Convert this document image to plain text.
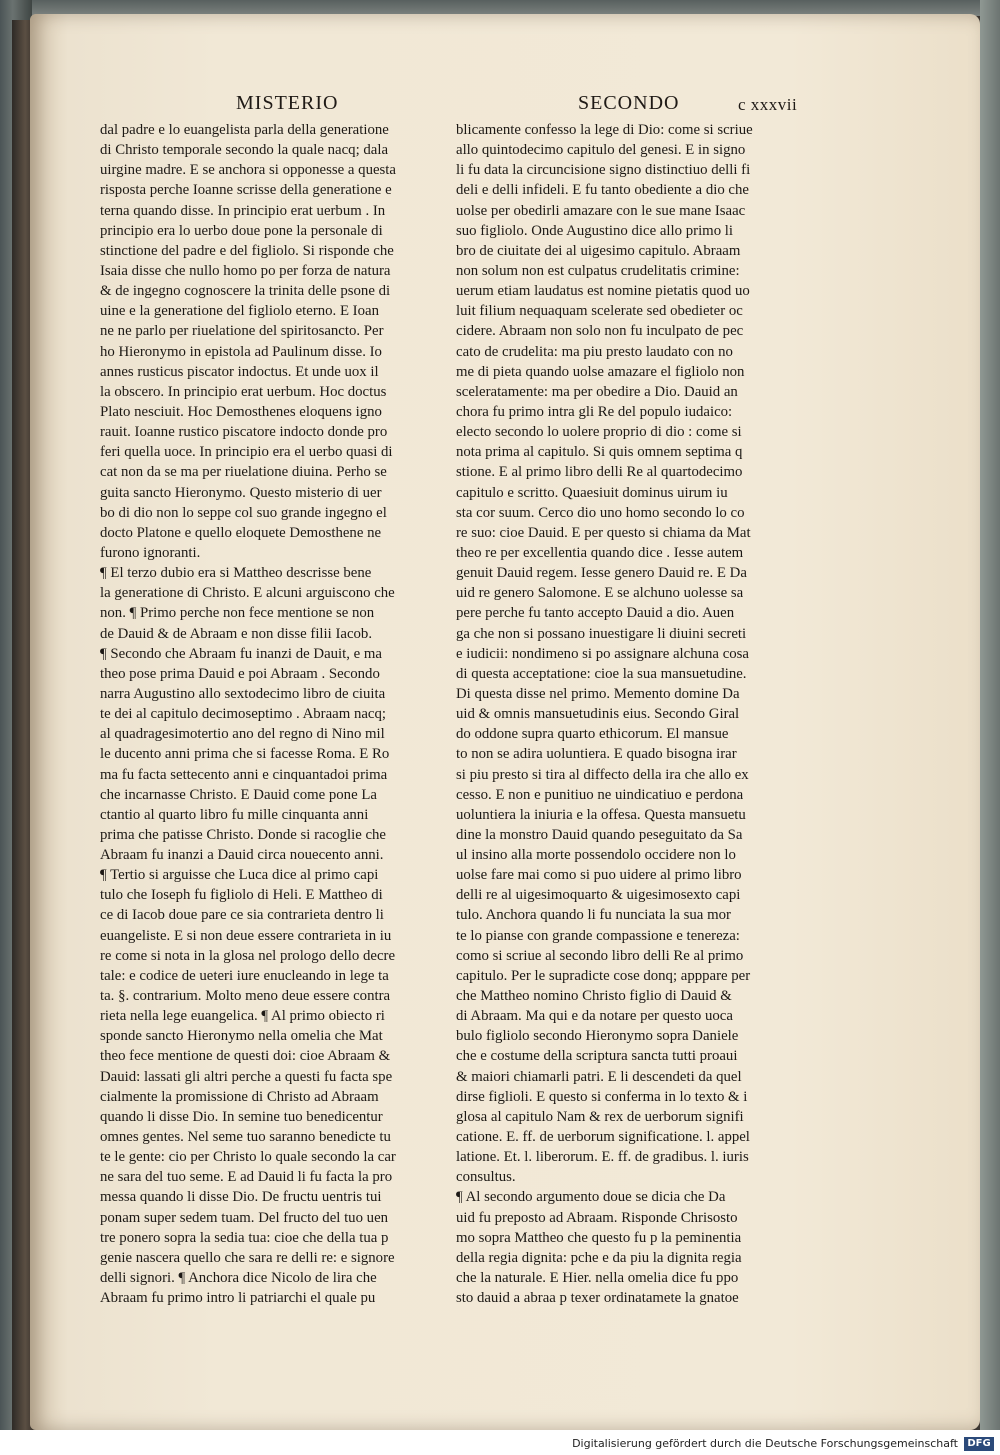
MISTERIO	SECONDO	c xxxvii
dal padre e lo euangelista parla della generatione
di Christo temporale secondo la quale nacq; dala
uirgine madre. E se anchora si opponesse a questa
risposta perche Ioanne scrisse della generatione e
terna quando disse. In principio erat uerbum . In
principio era lo uerbo doue pone la personale di
stinctione del padre e del figliolo. Si risponde che
Isaia disse che nullo homo po per forza de natura
& de ingegno cognoscere la trinita delle psone di
uine e la generatione del figliolo eterno. E Ioan
ne ne parlo per riuelatione del spiritosancto. Per
ho Hieronymo in epistola ad Paulinum disse. Io
annes rusticus piscator indoctus. Et unde uox il
la obscero. In principio erat uerbum. Hoc doctus
Plato nesciuit. Hoc Demosthenes eloquens igno
rauit. Ioanne rustico piscatore indocto donde pro
feri quella uoce. In principio era el uerbo quasi di
cat non da se ma per riuelatione diuina. Perho se
guita sancto Hieronymo. Questo misterio di uer
bo di dio non lo seppe col suo grande ingegno el
docto Platone e quello eloquete Demosthene ne
furono ignoranti.
¶ El terzo dubio era si Mattheo descrisse bene
la generatione di Christo. E alcuni arguiscono che
non. ¶ Primo perche non fece mentione se non
de Dauid & de Abraam e non disse filii Iacob.
¶ Secondo che Abraam fu inanzi de Dauit, e ma
theo pose prima Dauid e poi Abraam . Secondo
narra Augustino allo sextodecimo libro de ciuita
te dei al capitulo decimoseptimo . Abraam nacq;
al quadragesimotertio ano del regno di Nino mil
le ducento anni prima che si facesse Roma. E Ro
ma fu facta settecento anni e cinquantadoi prima
che incarnasse Christo. E Dauid come pone La
ctantio al quarto libro fu mille cinquanta anni
prima che patisse Christo. Donde si racoglie che
Abraam fu inanzi a Dauid circa nouecento anni.
¶ Tertio si arguisse che Luca dice al primo capi
tulo che Ioseph fu figliolo di Heli. E Mattheo di
ce di Iacob doue pare ce sia contrarieta dentro li
euangeliste. E si non deue essere contrarieta in iu
re come si nota in la glosa nel prologo dello decre
tale: e codice de ueteri iure enucleando in lege ta
ta. §. contrarium. Molto meno deue essere contra
rieta nella lege euangelica. ¶ Al primo obiecto ri
sponde sancto Hieronymo nella omelia che Mat
theo fece mentione de questi doi: cioe Abraam &
Dauid: lassati gli altri perche a questi fu facta spe
cialmente la promissione di Christo ad Abraam
quando li disse Dio. In semine tuo benedicentur
omnes gentes. Nel seme tuo saranno benedicte tu
te le gente: cio per Christo lo quale secondo la car
ne sara del tuo seme. E ad Dauid li fu facta la pro
messa quando li disse Dio. De fructu uentris tui
ponam super sedem tuam. Del fructo del tuo uen
tre ponero sopra la sedia tua: cioe che della tua p
genie nascera quello che sara re delli re: e signore
delli signori. ¶ Anchora dice Nicolo de lira che
Abraam fu primo intro li patriarchi el quale pu
blicamente confesso la lege di Dio: come si scriue
allo quintodecimo capitulo del genesi. E in signo
li fu data la circuncisione signo distinctiuo delli fi
deli e delli infideli. E fu tanto obediente a dio che
uolse per obedirli amazare con le sue mane Isaac
suo figliolo. Onde Augustino dice allo primo li
bro de ciuitate dei al uigesimo capitulo. Abraam
non solum non est culpatus crudelitatis crimine:
uerum etiam laudatus est nomine pietatis quod uo
luit filium nequaquam scelerate sed obedieter oc
cidere. Abraam non solo non fu inculpato de pec
cato de crudelita: ma piu presto laudato con no
me di pieta quando uolse amazare el figliolo non
sceleratamente: ma per obedire a Dio. Dauid an
chora fu primo intra gli Re del populo iudaico:
electo secondo lo uolere proprio di dio : come si
nota prima al capitulo. Si quis omnem septima q
stione. E al primo libro delli Re al quartodecimo
capitulo e scritto. Quaesiuit dominus uirum iu
sta cor suum. Cerco dio uno homo secondo lo co
re suo: cioe Dauid. E per questo si chiama da Mat
theo re per excellentia quando dice . Iesse autem
genuit Dauid regem. Iesse genero Dauid re. E Da
uid re genero Salomone. E se alchuno uolesse sa
pere perche fu tanto accepto Dauid a dio. Auen
ga che non si possano inuestigare li diuini secreti
e iudicii: nondimeno si po assignare alchuna cosa
di questa acceptatione: cioe la sua mansuetudine.
Di questa disse nel primo. Memento domine Da
uid & omnis mansuetudinis eius. Secondo Giral
do oddone supra quarto ethicorum. El mansue
to non se adira uoluntiera. E quado bisogna irar
si piu presto si tira al diffecto della ira che allo ex
cesso. E non e punitiuo ne uindicatiuo e perdona
uoluntiera la iniuria e la offesa. Questa mansuetu
dine la monstro Dauid quando peseguitato da Sa
ul insino alla morte possendolo occidere non lo
uolse fare mai como si puo uidere al primo libro
delli re al uigesimoquarto & uigesimosexto capi
tulo. Anchora quando li fu nunciata la sua mor
te lo pianse con grande compassione e tenereza:
como si scriue al secondo libro delli Re al primo
capitulo. Per le supradicte cose donq; apppare per
che Mattheo nomino Christo figlio di Dauid &
di Abraam. Ma qui e da notare per questo uoca
bulo figliolo secondo Hieronymo sopra Daniele
che e costume della scriptura sancta tutti proaui
& maiori chiamarli patri. E li descendeti da quel
dirse figlioli. E questo si conferma in lo texto & i
glosa al capitulo Nam & rex de uerborum signifi
catione. E. ff. de uerborum significatione. l. appel
latione. Et. l. liberorum. E. ff. de gradibus. l. iuris
consultus.
¶ Al secondo argumento doue se dicia che Da
uid fu preposto ad Abraam. Risponde Chrisosto
mo sopra Mattheo che questo fu p la peminentia
della regia dignita: pche e da piu la dignita regia
che la naturale. E Hier. nella omelia dice fu ppo
sto dauid a abraa p texer ordinatamete la gnatoe
Digitalisierung gefördert durch die Deutsche Forschungsgemeinschaft DFG
